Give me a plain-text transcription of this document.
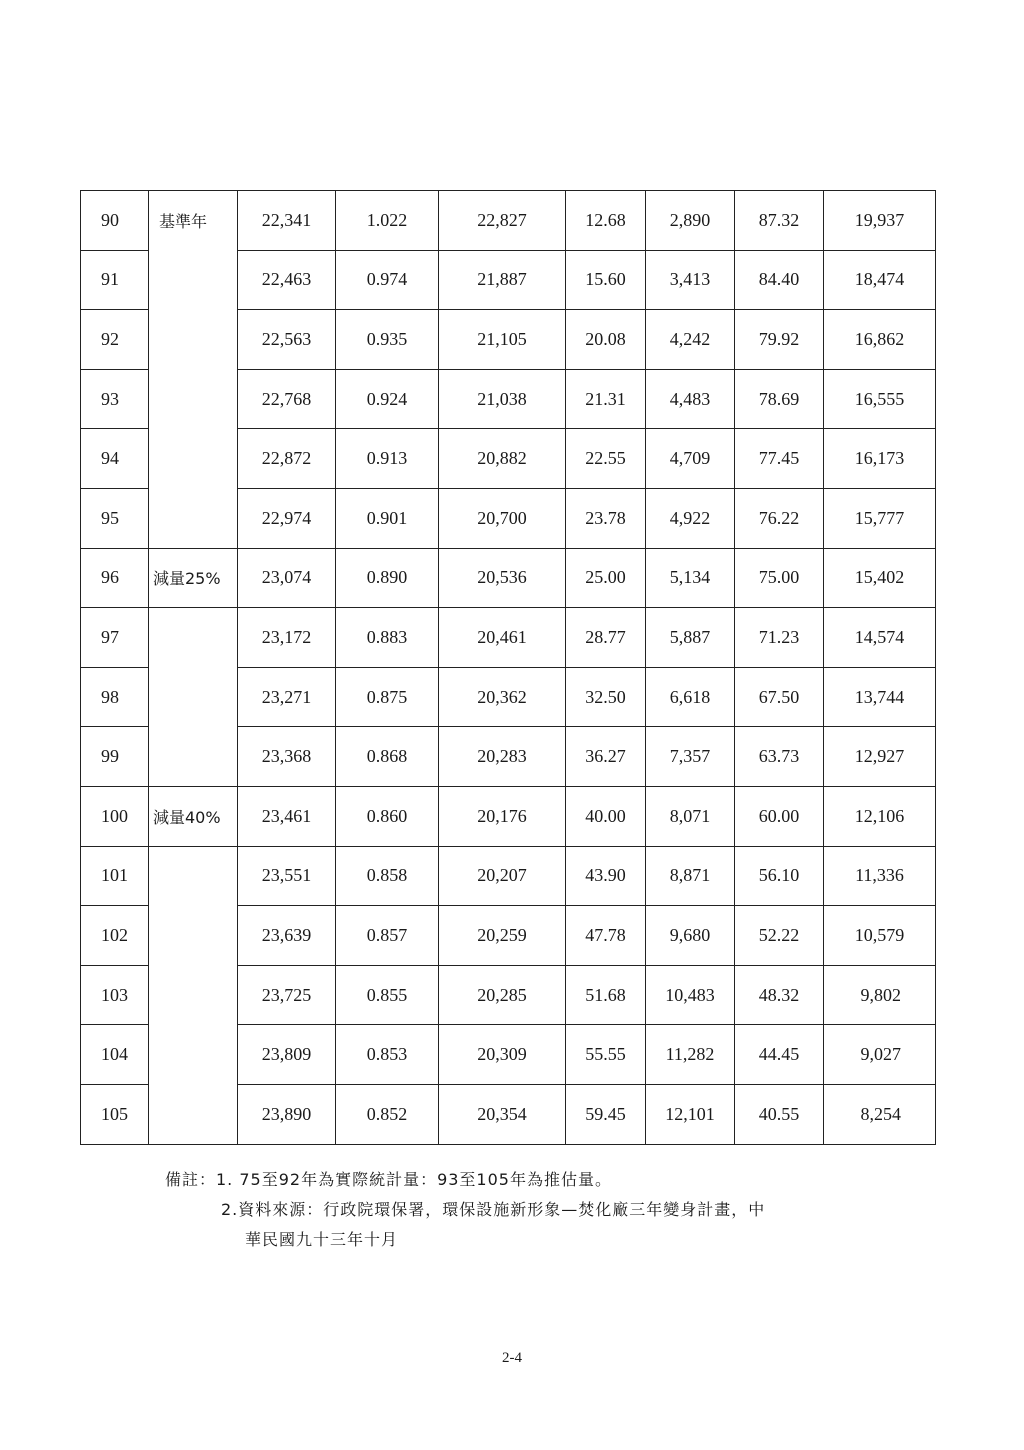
90	基準年	22,341	1.022	22,827	12.68	2,890	87.32	19,937
91		22,463	0.974	21,887	15.60	3,413	84.40	18,474
92		22,563	0.935	21,105	20.08	4,242	79.92	16,862
93		22,768	0.924	21,038	21.31	4,483	78.69	16,555
94		22,872	0.913	20,882	22.55	4,709	77.45	16,173
95		22,974	0.901	20,700	23.78	4,922	76.22	15,777
96	減量25%	23,074	0.890	20,536	25.00	5,134	75.00	15,402
97		23,172	0.883	20,461	28.77	5,887	71.23	14,574
98		23,271	0.875	20,362	32.50	6,618	67.50	13,744
99		23,368	0.868	20,283	36.27	7,357	63.73	12,927
100	減量40%	23,461	0.860	20,176	40.00	8,071	60.00	12,106
101		23,551	0.858	20,207	43.90	8,871	56.10	11,336
102		23,639	0.857	20,259	47.78	9,680	52.22	10,579
103		23,725	0.855	20,285	51.68	10,483	48.32	9,802
104		23,809	0.853	20,309	55.55	11,282	44.45	9,027
105		23,890	0.852	20,354	59.45	12,101	40.55	8,254
備註：1. 75至92年為實際統計量：93至105年為推估量。
2.資料來源：行政院環保署，環保設施新形象—焚化廠三年變身計畫，中
華民國九十三年十月
2-4
